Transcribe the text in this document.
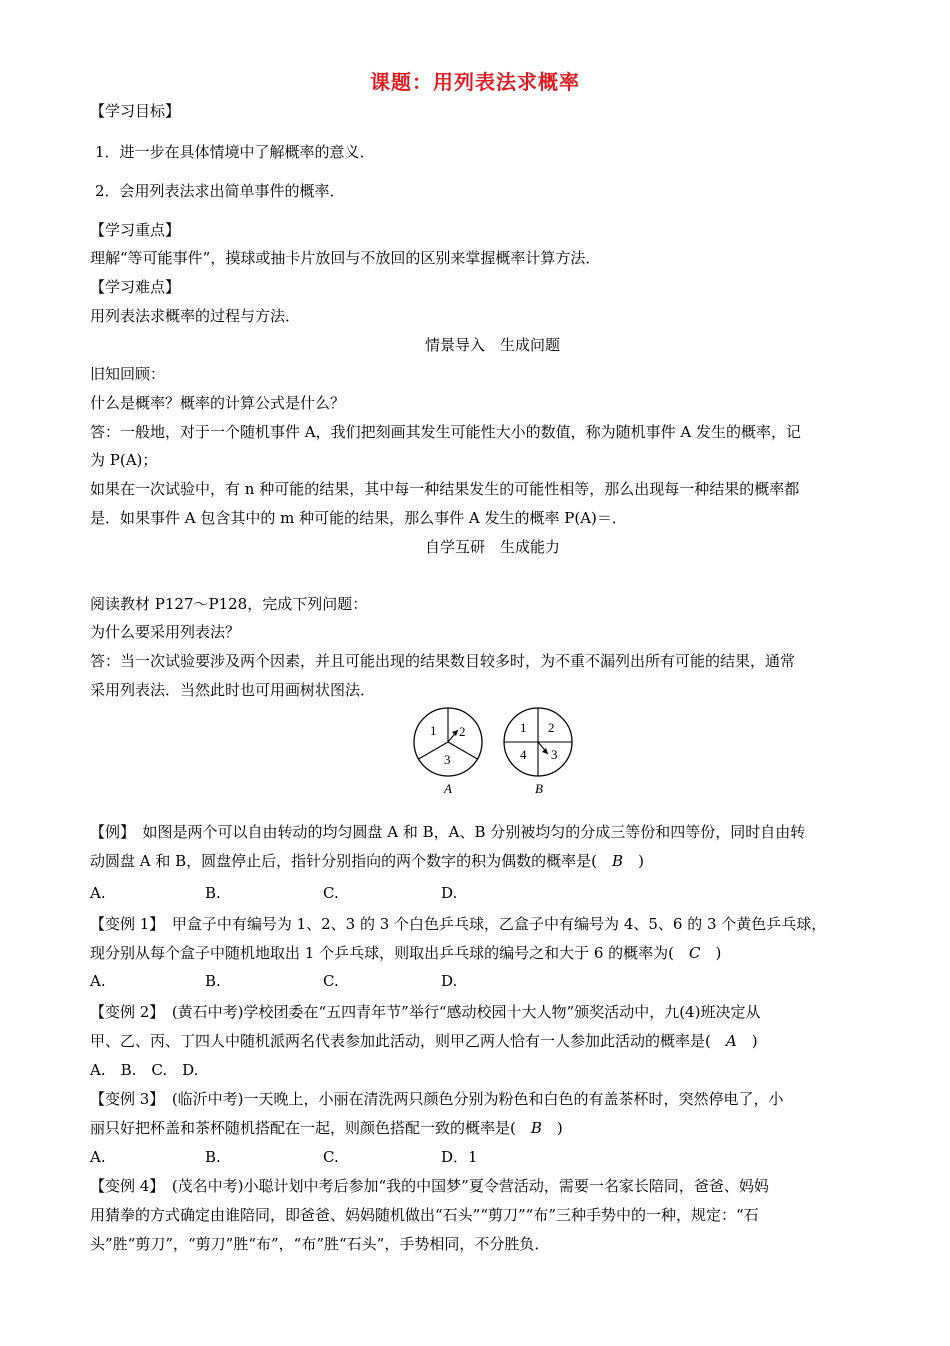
课题：用列表法求概率
【学习目标】
1．进一步在具体情境中了解概率的意义．
2．会用列表法求出简单事件的概率．
【学习重点】
理解“等可能事件”，摸球或抽卡片放回与不放回的区别来掌握概率计算方法．
【学习难点】
用列表法求概率的过程与方法．
情景导入　生成问题
旧知回顾：
什么是概率？概率的计算公式是什么？
答：一般地，对于一个随机事件 A，我们把刻画其发生可能性大小的数值，称为随机事件 A 发生的概率，记
为 P(A)；
如果在一次试验中，有 n 种可能的结果，其中每一种结果发生的可能性相等，那么出现每一种结果的概率都
是．如果事件 A 包含其中的 m 种可能的结果，那么事件 A 发生的概率 P(A)＝．
自学互研　生成能力
阅读教材 P127～P128，完成下列问题：
为什么要采用列表法？
答：当一次试验要涉及两个因素，并且可能出现的结果数目较多时，为不重不漏列出所有可能的结果，通常
采用列表法．当然此时也可用画树状图法．
1 2
3
A
1 2
3
4
B
【例】　如图是两个可以自由转动的均匀圆盘 A 和 B，A、B 分别被均匀的分成三等份和四等份，同时自由转
动圆盘 A 和 B，圆盘停止后，指针分别指向的两个数字的积为偶数的概率是(　 B　 )
A.	B.	C.	D.
【变例 1】　甲盒子中有编号为 1、2、3 的 3 个白色乒乓球，乙盒子中有编号为 4、5、6 的 3 个黄色乒乓球，
现分别从每个盒子中随机地取出 1 个乒乓球，则取出乒乓球的编号之和大于 6 的概率为(　 C　 )
A.	B.	C.	D.
【变例 2】　(黄石中考)学校团委在“五四青年节”举行“感动校园十大人物”颁奖活动中，九(4)班决定从
甲、乙、丙、丁四人中随机派两名代表参加此活动，则甲乙两人恰有一人参加此活动的概率是(　 A　 )
A.　B.　C.　D.
【变例 3】　(临沂中考)一天晚上，小丽在清洗两只颜色分别为粉色和白色的有盖茶杯时，突然停电了，小
丽只好把杯盖和茶杯随机搭配在一起，则颜色搭配一致的概率是(　 B　 )
A.	B.	C.	D．1
【变例 4】　(茂名中考)小聪计划中考后参加“我的中国梦”夏令营活动，需要一名家长陪同，爸爸、妈妈
用猜拳的方式确定由谁陪同，即爸爸、妈妈随机做出“石头”“剪刀”“布”三种手势中的一种，规定：“石
头”胜“剪刀”，“剪刀”胜“布”，“布”胜“石头”，手势相同，不分胜负．
